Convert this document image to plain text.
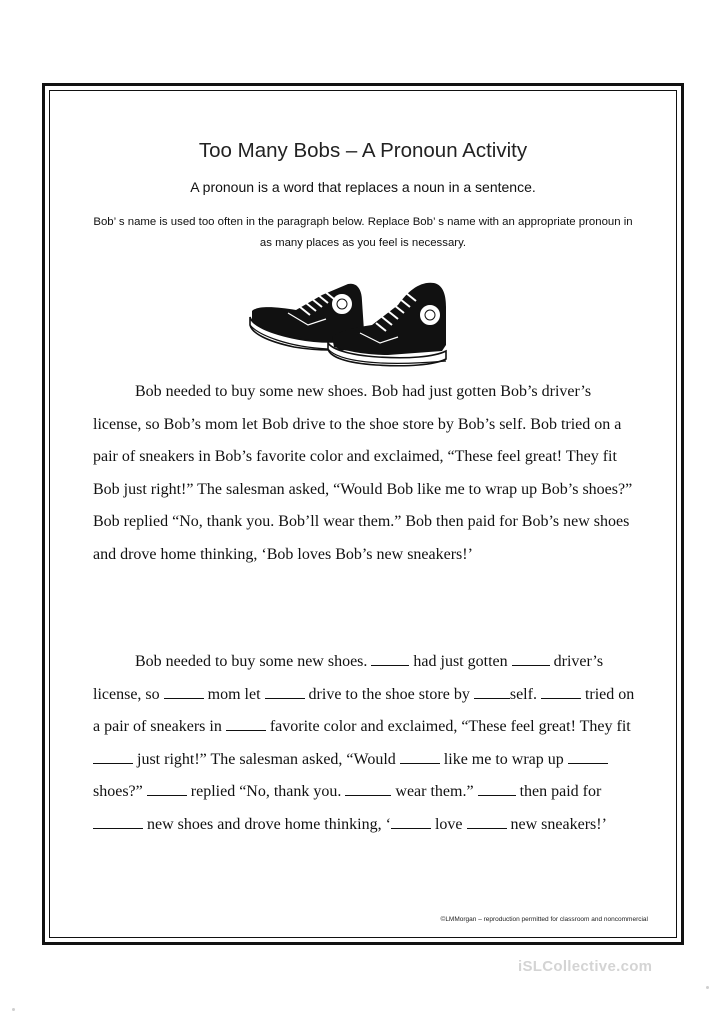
Too Many Bobs – A Pronoun Activity
A pronoun is a word that replaces a noun in a sentence.
Bob’ s name is used too often in the paragraph below. Replace Bob’ s name with an appropriate pronoun in as many places as you feel is necessary.

Bob needed to buy some new shoes. Bob had just gotten Bob’s driver’s license, so Bob’s mom let Bob drive to the shoe store by Bob’s self. Bob tried on a pair of sneakers in Bob’s favorite color and exclaimed, “These feel great! They fit Bob just right!” The salesman asked, “Would Bob like me to wrap up Bob’s shoes?” Bob replied “No, thank you. Bob’ll wear them.” Bob then paid for Bob’s new shoes and drove home thinking, ‘Bob loves Bob’s new sneakers!’

Bob needed to buy some new shoes.  had just gotten  driver’s license, so	mom let	drive to the shoe store by self.	tried on a pair of sneakers in	favorite color and exclaimed, “These feel great! They fit  just right!” The salesman asked, “Would	like me to wrap up  shoes?”	replied “No, thank you.	wear them.”  then paid for  new shoes and drove home thinking, ‘	love	new sneakers!’

©LMMorgan – reproduction permitted for classroom and noncommercial
iSLCollective.com
